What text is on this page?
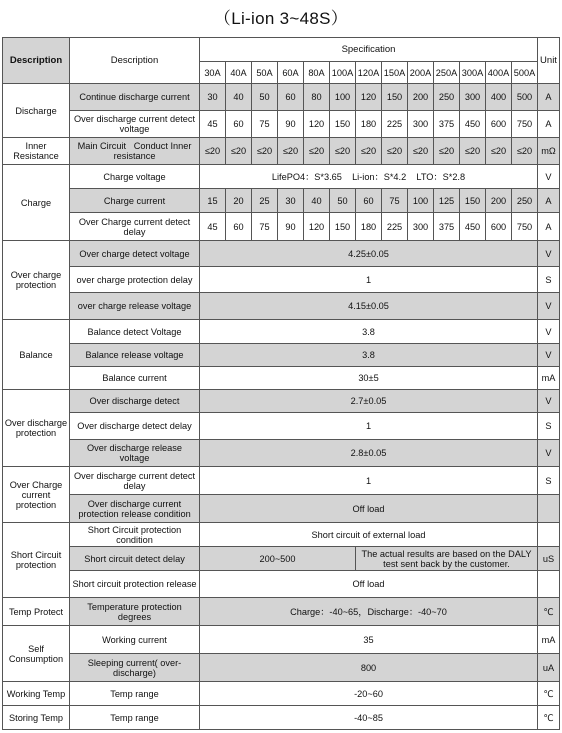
（Li-ion 3~48S）
Description	Description	Specification													Unit
		30A	40A	50A	60A	80A	100A	120A	150A	200A	250A	300A	400A	500A	
Discharge	Continue discharge current	30	40	50	60	80	100	120	150	200	250	300	400	500	A
	Over discharge current detect voltage	45	60	75	90	120	150	180	225	300	375	450	600	750	A
Inner Resistance	Main Circuit   Conduct Inner resistance	≤20	≤20	≤20	≤20	≤20	≤20	≤20	≤20	≤20	≤20	≤20	≤20	≤20	mΩ
Charge	Charge voltage	LifePO4：S*3.65    Li-ion：S*4.2    LTO：S*2.8													V
	Charge current	15	20	25	30	40	50	60	75	100	125	150	200	250	A
	Over Charge current detect delay	45	60	75	90	120	150	180	225	300	375	450	600	750	A
Over charge protection	Over charge detect voltage	4.25±0.05													V
	over charge protection delay	1													S
	over charge release voltage	4.15±0.05													V
Balance	Balance detect Voltage	3.8													V
	Balance release voltage	3.8													V
	Balance current	30±5													mA
Over discharge protection	Over discharge detect	2.7±0.05													V
	Over discharge detect delay	1													S
	Over discharge release voltage	2.8±0.05													V
Over Charge current protection	Over discharge current detect delay	1													S
	Over discharge current protection release condition	Off load													
Short Circuit protection	Short Circuit protection condition	Short circuit of external load													
	Short circuit detect delay	200~500						The actual results are based on the DALY test sent back by the customer.							uS
	Short circuit protection release	Off load													
Temp Protect	Temperature protection degrees	Charge：-40~65，Discharge：-40~70													℃
Self Consumption	Working current	35													mA
	Sleeping current( over-discharge)	800													uA
Working Temp	Temp range	-20~60													℃
Storing Temp	Temp range	-40~85													℃
